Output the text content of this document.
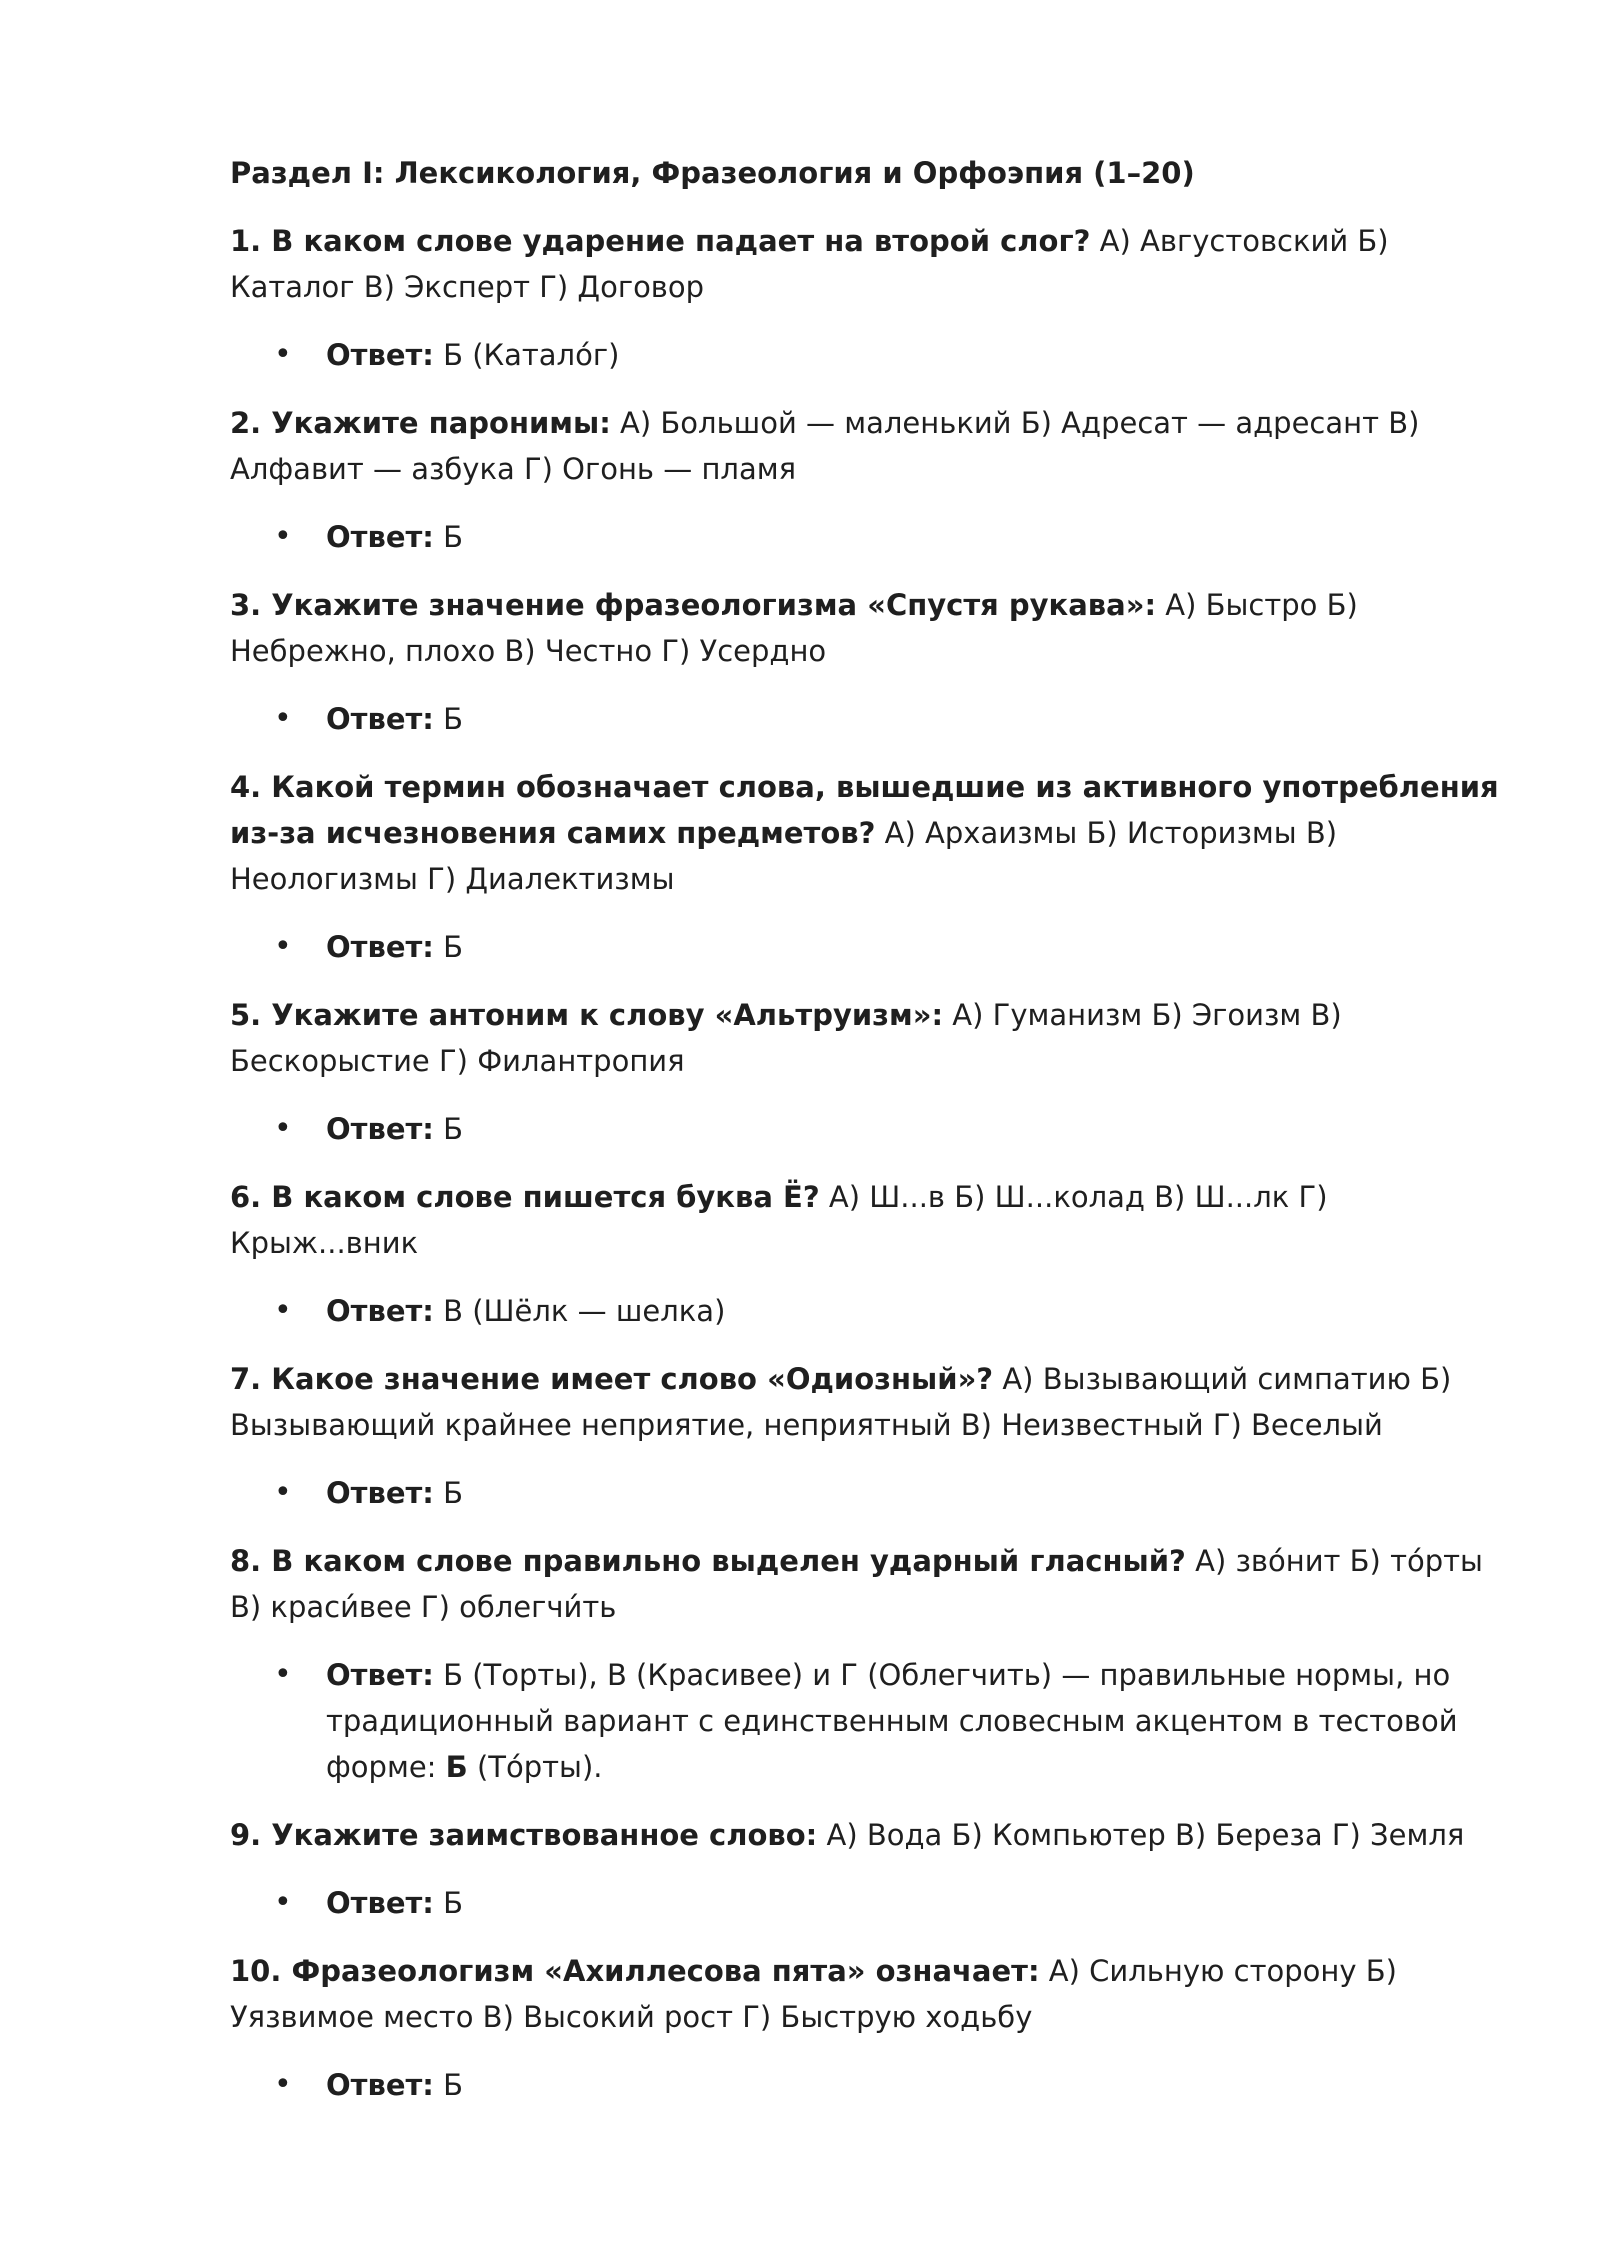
Раздел I: Лексикология, Фразеология и Орфоэпия (1–20)

1. В каком слове ударение падает на второй слог? А) Августовский Б) Каталог В) Эксперт Г) Договор

• Ответ: Б (Катало́г)

2. Укажите паронимы: А) Большой — маленький Б) Адресат — адресант В) Алфавит — азбука Г) Огонь — пламя

• Ответ: Б

3. Укажите значение фразеологизма «Спустя рукава»: А) Быстро Б) Небрежно, плохо В) Честно Г) Усердно

• Ответ: Б

4. Какой термин обозначает слова, вышедшие из активного употребления из-за исчезновения самих предметов? А) Архаизмы Б) Историзмы В) Неологизмы Г) Диалектизмы

• Ответ: Б

5. Укажите антоним к слову «Альтруизм»: А) Гуманизм Б) Эгоизм В) Бескорыстие Г) Филантропия

• Ответ: Б

6. В каком слове пишется буква Ё? А) Ш...в Б) Ш...колад В) Ш...лк Г) Крыж...вник

• Ответ: В (Шёлк — шелка)

7. Какое значение имеет слово «Одиозный»? А) Вызывающий симпатию Б) Вызывающий крайнее неприятие, неприятный В) Неизвестный Г) Веселый

• Ответ: Б

8. В каком слове правильно выделен ударный гласный? А) зво́нит Б) то́рты В) краси́вее Г) облегчи́ть

• Ответ: Б (Торты), В (Красивее) и Г (Облегчить) — правильные нормы, но традиционный вариант с единственным словесным акцентом в тестовой форме: Б (То́рты).

9. Укажите заимствованное слово: А) Вода Б) Компьютер В) Береза Г) Земля

• Ответ: Б

10. Фразеологизм «Ахиллесова пята» означает: А) Сильную сторону Б) Уязвимое место В) Высокий рост Г) Быструю ходьбу

• Ответ: Б
